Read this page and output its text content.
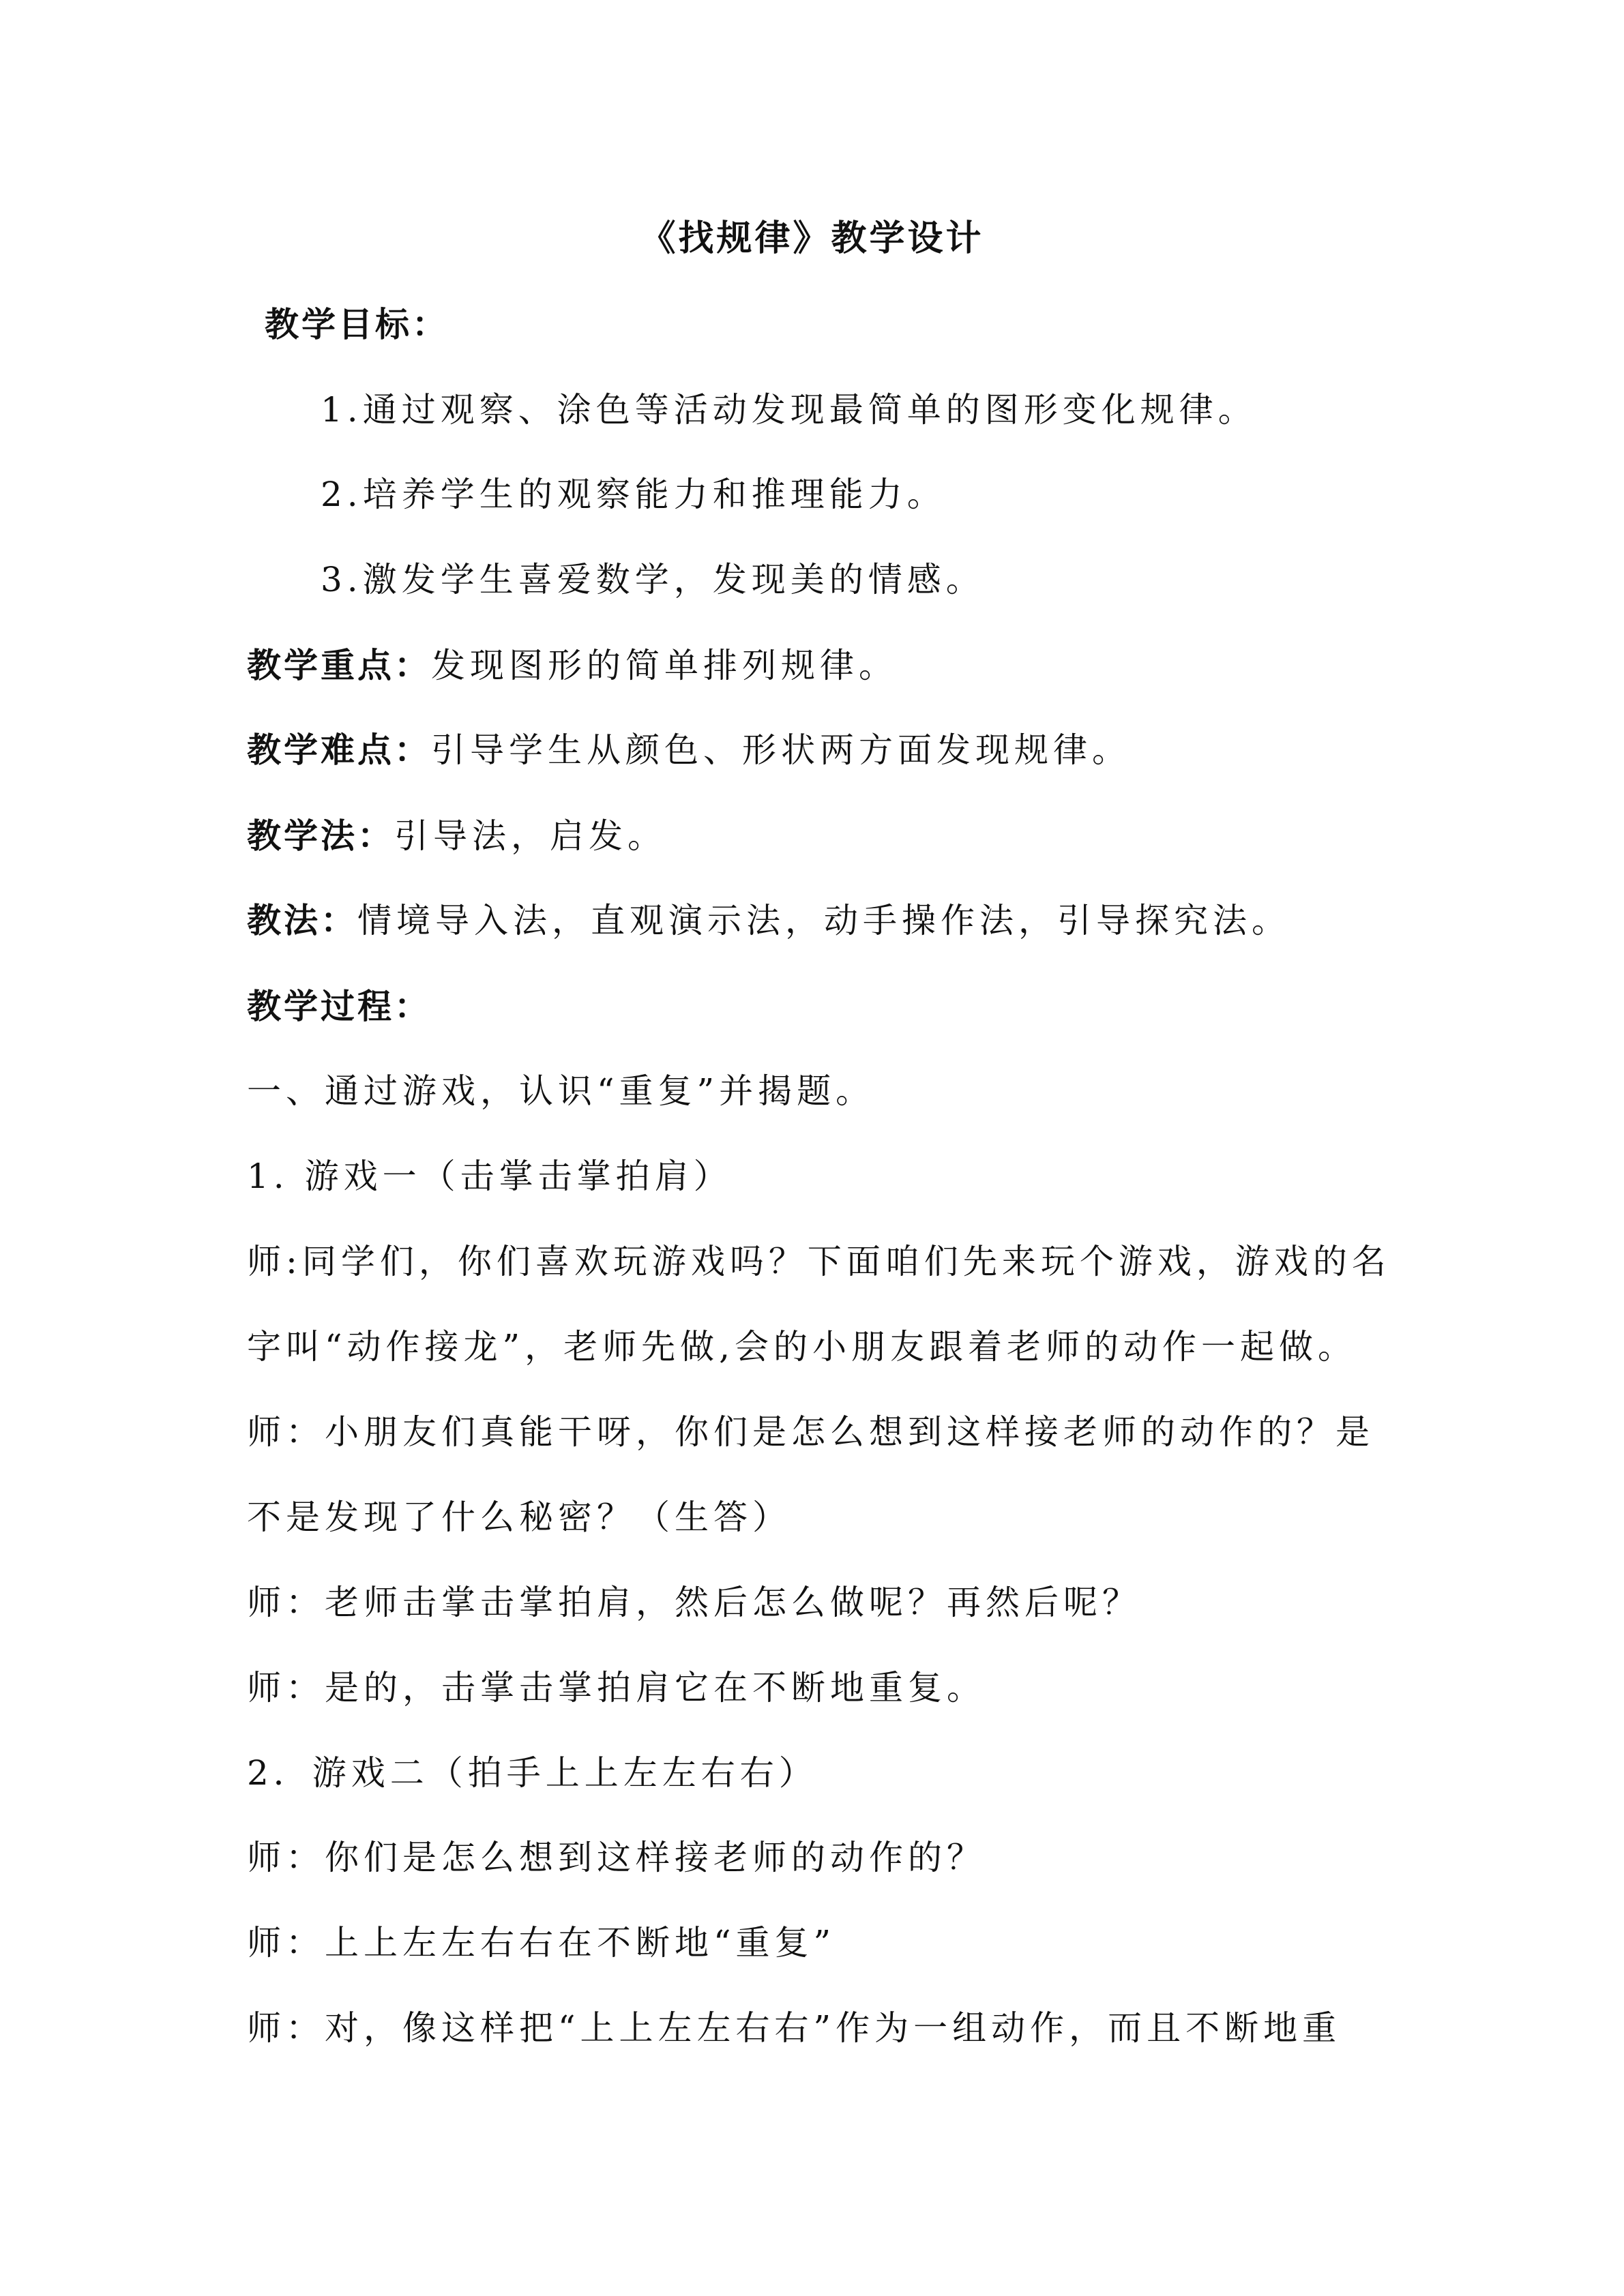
《找规律》教学设计
教学目标：
1.通过观察、涂色等活动发现最简单的图形变化规律。
2.培养学生的观察能力和推理能力。
3.激发学生喜爱数学，发现美的情感。
教学重点：发现图形的简单排列规律。
教学难点：引导学生从颜色、形状两方面发现规律。
教学法：引导法，启发。
教法：情境导入法，直观演示法，动手操作法，引导探究法。
教学过程：
一、通过游戏，认识“重复”并揭题。
1. 游戏一（击掌击掌拍肩）
师:同学们，你们喜欢玩游戏吗？下面咱们先来玩个游戏，游戏的名
字叫“动作接龙”，老师先做,会的小朋友跟着老师的动作一起做。
师：小朋友们真能干呀，你们是怎么想到这样接老师的动作的？是
不是发现了什么秘密？（生答）
师：老师击掌击掌拍肩，然后怎么做呢？再然后呢？
师：是的，击掌击掌拍肩它在不断地重复。
2．游戏二（拍手上上左左右右）
师：你们是怎么想到这样接老师的动作的？
师：上上左左右右在不断地“重复”
师：对，像这样把“上上左左右右”作为一组动作，而且不断地重
